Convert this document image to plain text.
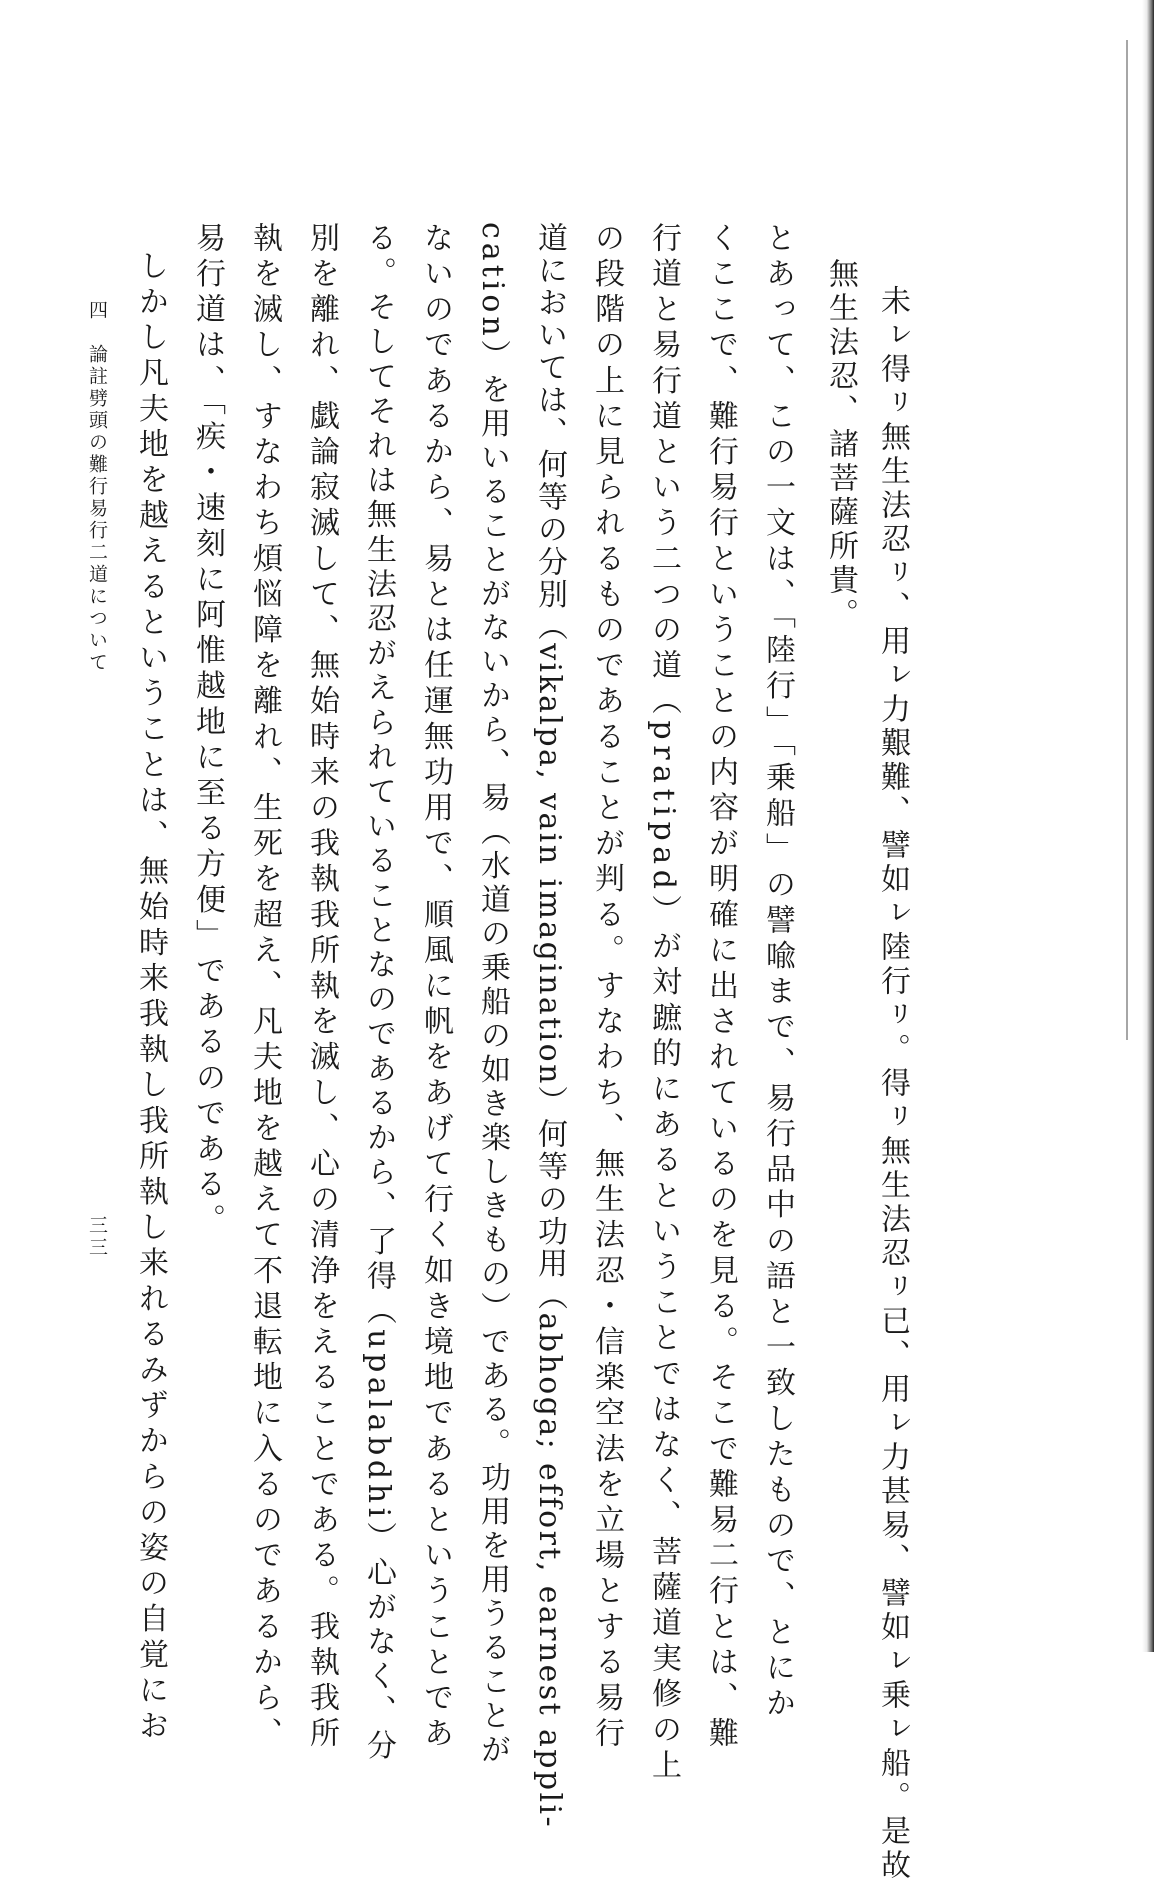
未ㇾ得ㇼ無生法忍ㇼ、用ㇾ力艱難、譬如ㇾ陸行ㇼ。得ㇼ無生法忍ㇼ已、用ㇾ力甚易、譬如ㇾ乗ㇾ船。是故
無生法忍、諸菩薩所貴。
とあって、この一文は、「陸行」「乗船」の譬喩まで、易行品中の語と一致したもので、とにか
くここで、難行易行ということの内容が明確に出されているのを見る。そこで難易二行とは、難
行道と易行道という二つの道（pratipad）が対蹠的にあるということではなく、菩薩道実修の上
の段階の上に見られるものであることが判る。すなわち、無生法忍・信楽空法を立場とする易行
道においては、何等の分別（vikalpa, vain imagination）何等の功用（abhoga; effort, earnest appli-
cation）を用いることがないから、易（水道の乗船の如き楽しきもの）である。功用を用うることが
ないのであるから、易とは任運無功用で、順風に帆をあげて行く如き境地であるということであ
る。そしてそれは無生法忍がえられていることなのであるから、了得（upalabdhi）心がなく、分
別を離れ、戯論寂滅して、無始時来の我執我所執を滅し、心の清浄をえることである。我執我所
執を滅し、すなわち煩悩障を離れ、生死を超え、凡夫地を越えて不退転地に入るのであるから、
易行道は、「疾・速刻に阿惟越地に至る方便」であるのである。
しかし凡夫地を越えるということは、無始時来我執し我所執し来れるみずからの姿の自覚にお
四　論註劈頭の難行易行二道について
三三
